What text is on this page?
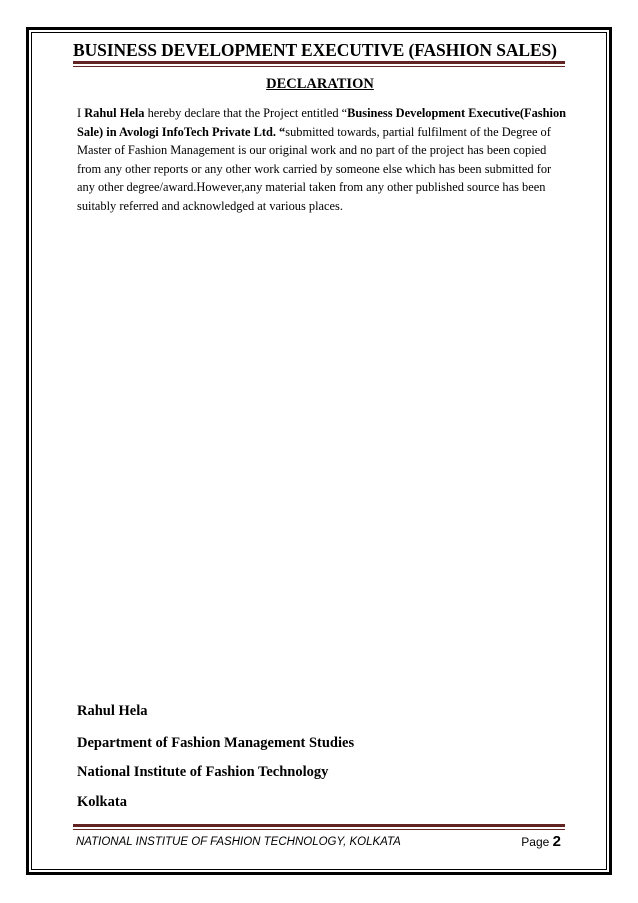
BUSINESS DEVELOPMENT EXECUTIVE (FASHION SALES)
DECLARATION
I Rahul Hela hereby declare that the Project entitled “Business Development Executive(Fashion Sale) in Avologi InfoTech Private Ltd. “submitted towards, partial fulfilment of the Degree of Master of Fashion Management is our original work and no part of the project has been copied from any other reports or any other work carried by someone else which has been submitted for any other degree/award.However,any material taken from any other published source has been suitably referred and acknowledged at various places.
Rahul Hela
Department of Fashion Management Studies
National Institute of Fashion Technology
Kolkata
NATIONAL INSTITUE OF FASHION TECHNOLOGY, KOLKATA	Page 2
